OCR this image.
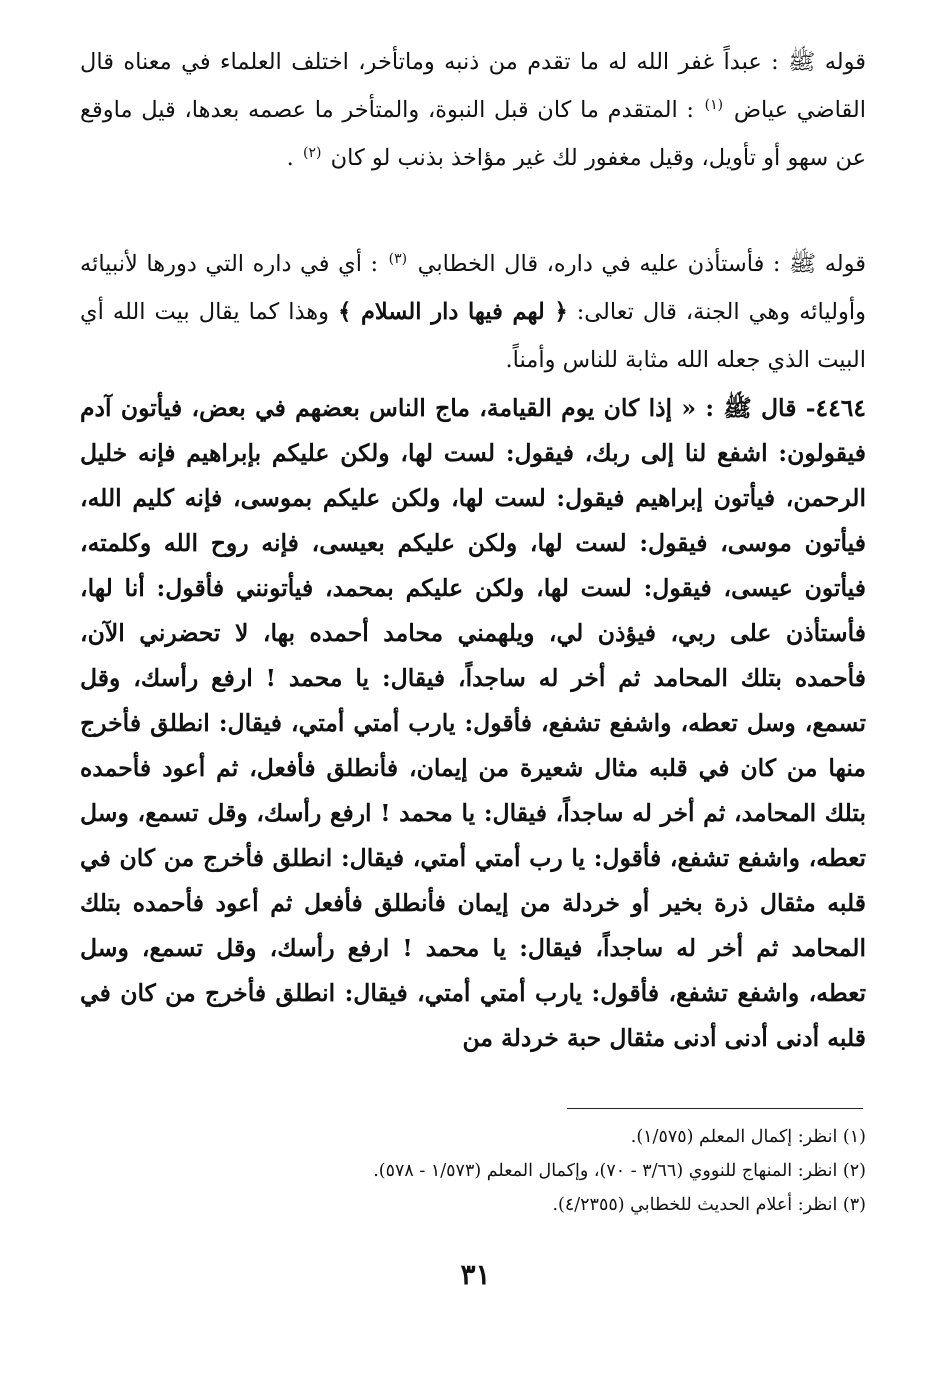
قوله ﷺ : عبداً غفر الله له ما تقدم من ذنبه وماتأخر، اختلف العلماء في معناه قال القاضي عياض $^{(١)}$ : المتقدم ما كان قبل النبوة، والمتأخر ما عصمه بعدها، قيل ماوقع عن سهو أو تأويل، وقيل مغفور لك غير مؤاخذ بذنب لو كان $^{(٢)}$ .

قوله ﷺ : فأستأذن عليه في داره، قال الخطابي $^{(٣)}$ : أي في داره التي دورها لأنبيائه وأوليائه وهي الجنة، قال تعالى: ﴿ لهم فيها دار السلام ﴾ وهذا كما يقال بيت الله أي البيت الذي جعله الله مثابة للناس وأمناً.

٤٤٦٤- قال ﷺ : « إذا كان يوم القيامة، ماج الناس بعضهم في بعض، فيأتون آدم فيقولون: اشفع لنا إلى ربك، فيقول: لست لها، ولكن عليكم بإبراهيم فإنه خليل الرحمن، فيأتون إبراهيم فيقول: لست لها، ولكن عليكم بموسى، فإنه كليم الله، فيأتون موسى، فيقول: لست لها، ولكن عليكم بعيسى، فإنه روح الله وكلمته، فيأتون عيسى، فيقول: لست لها، ولكن عليكم بمحمد، فيأتونني فأقول: أنا لها، فأستأذن على ربي، فيؤذن لي، ويلهمني محامد أحمده بها، لا تحضرني الآن، فأحمده بتلك المحامد ثم أخر له ساجداً، فيقال: يا محمد ! ارفع رأسك، وقل تسمع، وسل تعطه، واشفع تشفع، فأقول: يارب أمتي أمتي، فيقال: انطلق فأخرج منها من كان في قلبه مثال شعيرة من إيمان، فأنطلق فأفعل، ثم أعود فأحمده بتلك المحامد، ثم أخر له ساجداً، فيقال: يا محمد ! ارفع رأسك، وقل تسمع، وسل تعطه، واشفع تشفع، فأقول: يا رب أمتي أمتي، فيقال: انطلق فأخرج من كان في قلبه مثقال ذرة بخير أو خردلة من إيمان فأنطلق فأفعل ثم أعود فأحمده بتلك المحامد ثم أخر له ساجداً، فيقال: يا محمد ! ارفع رأسك، وقل تسمع، وسل تعطه، واشفع تشفع، فأقول: يارب أمتي أمتي، فيقال: انطلق فأخرج من كان في قلبه أدنى أدنى أدنى مثقال حبة خردلة من

(١) انظر: إكمال المعلم (١/٥٧٥).

(٢) انظر: المنهاج للنووي (٣/٦٦ - ٧٠)، وإكمال المعلم (١/٥٧٣ - ٥٧٨).

(٣) انظر: أعلام الحديث للخطابي (٤/٢٣٥٥).

٣١
